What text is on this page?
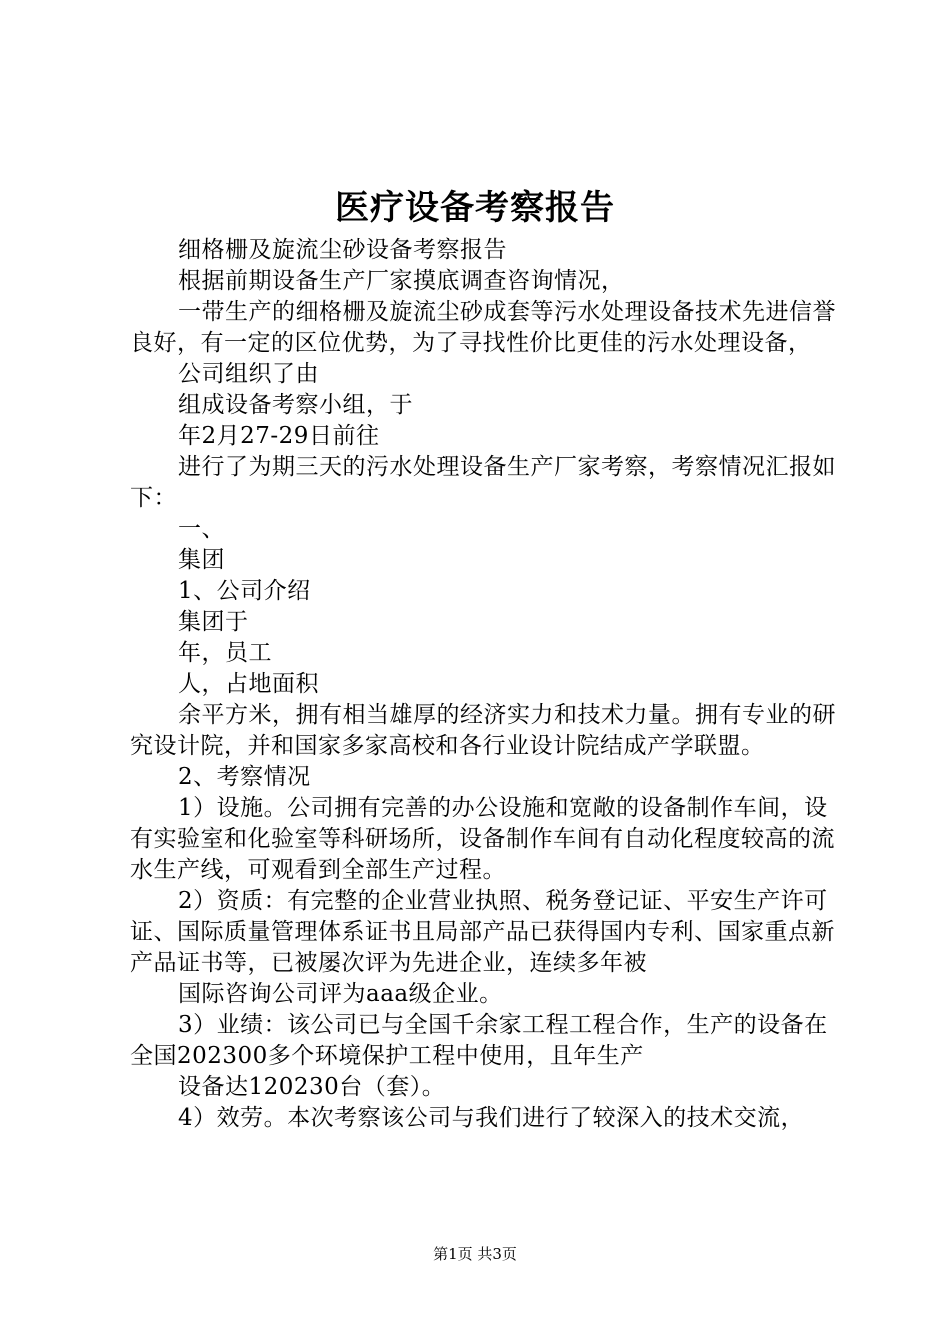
医疗设备考察报告

细格栅及旋流尘砂设备考察报告

根据前期设备生产厂家摸底调查咨询情况，

一带生产的细格栅及旋流尘砂成套等污水处理设备技术先进信誉良好，有一定的区位优势，为了寻找性价比更佳的污水处理设备，

公司组织了由

组成设备考察小组，于

年2月27-29日前往

进行了为期三天的污水处理设备生产厂家考察，考察情况汇报如下：

一、

集团

1、公司介绍

集团于

年，员工

人，占地面积

余平方米，拥有相当雄厚的经济实力和技术力量。拥有专业的研究设计院，并和国家多家高校和各行业设计院结成产学联盟。

2、考察情况

1）设施。公司拥有完善的办公设施和宽敞的设备制作车间，设有实验室和化验室等科研场所，设备制作车间有自动化程度较高的流水生产线，可观看到全部生产过程。

2）资质：有完整的企业营业执照、税务登记证、平安生产许可证、国际质量管理体系证书且局部产品已获得国内专利、国家重点新产品证书等，已被屡次评为先进企业，连续多年被

国际咨询公司评为aaa级企业。

3）业绩：该公司已与全国千余家工程工程合作，生产的设备在全国202300多个环境保护工程中使用，且年生产

设备达120230台（套）。

4）效劳。本次考察该公司与我们进行了较深入的技术交流，

第1页 共3页
